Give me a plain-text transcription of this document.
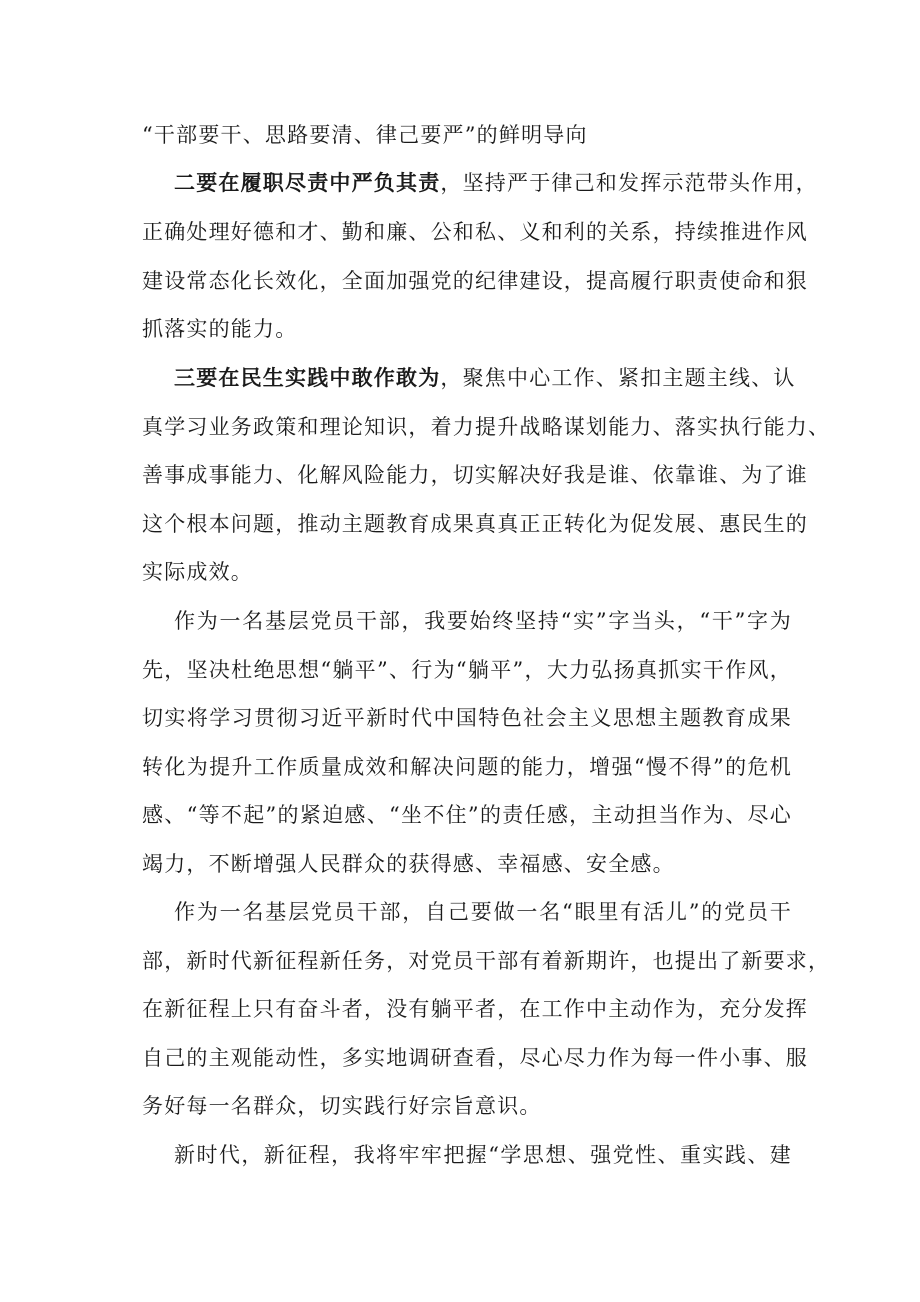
“干部要干、思路要清、律己要严”的鲜明导向
二要在履职尽责中严负其责，坚持严于律己和发挥示范带头作用，
正确处理好德和才、勤和廉、公和私、义和利的关系，持续推进作风
建设常态化长效化，全面加强党的纪律建设，提高履行职责使命和狠
抓落实的能力。
三要在民生实践中敢作敢为，聚焦中心工作、紧扣主题主线、认
真学习业务政策和理论知识，着力提升战略谋划能力、落实执行能力、
善事成事能力、化解风险能力，切实解决好我是谁、依靠谁、为了谁
这个根本问题，推动主题教育成果真真正正转化为促发展、惠民生的
实际成效。
作为一名基层党员干部，我要始终坚持“实”字当头，“干”字为
先，坚决杜绝思想“躺平”、行为“躺平”，大力弘扬真抓实干作风，
切实将学习贯彻习近平新时代中国特色社会主义思想主题教育成果
转化为提升工作质量成效和解决问题的能力，增强“慢不得”的危机
感、“等不起”的紧迫感、“坐不住”的责任感，主动担当作为、尽心
竭力，不断增强人民群众的获得感、幸福感、安全感。
作为一名基层党员干部，自己要做一名“眼里有活儿”的党员干
部，新时代新征程新任务，对党员干部有着新期许，也提出了新要求，
在新征程上只有奋斗者，没有躺平者，在工作中主动作为，充分发挥
自己的主观能动性，多实地调研查看，尽心尽力作为每一件小事、服
务好每一名群众，切实践行好宗旨意识。
新时代，新征程，我将牢牢把握“学思想、强党性、重实践、建
